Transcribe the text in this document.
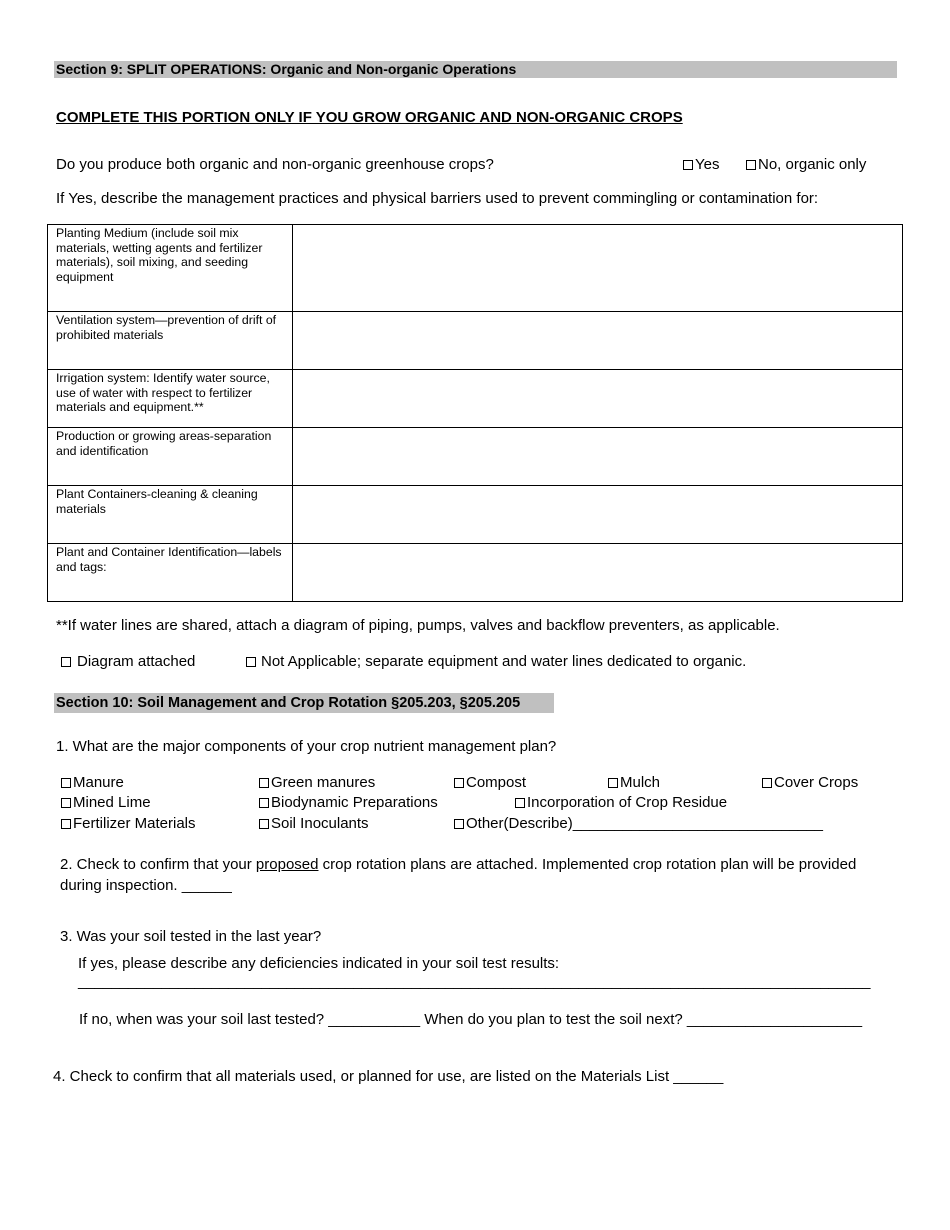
Section 9: SPLIT OPERATIONS: Organic and Non-organic Operations
COMPLETE THIS PORTION ONLY IF YOU GROW ORGANIC AND NON-ORGANIC CROPS
Do you produce both organic and non-organic greenhouse crops?	Yes	No, organic only
If Yes, describe the management practices and physical barriers used to prevent commingling or contamination for:
Planting Medium (include soil mix materials, wetting agents and fertilizer materials), soil mixing, and seeding equipment	
Ventilation system—prevention of drift of prohibited materials	
Irrigation system: Identify water source, use of water with respect to fertilizer materials and equipment.**	
Production or growing areas-separation and identification	
Plant Containers-cleaning & cleaning materials	
Plant and Container Identification—labels and tags:	
**If water lines are shared, attach a diagram of piping, pumps, valves and backflow preventers, as applicable.
Diagram attached	Not Applicable; separate equipment and water lines dedicated to organic.
Section 10: Soil Management and Crop Rotation §205.203, §205.205
1. What are the major components of your crop nutrient management plan?
Manure	Green manures	Compost	Mulch	Cover Crops
Mined Lime	Biodynamic Preparations	Incorporation of Crop Residue
Fertilizer Materials	Soil Inoculants	Other(Describe)______________________________
2. Check to confirm that your proposed crop rotation plans are attached. Implemented crop rotation plan will be provided
during inspection. ______
3. Was your soil tested in the last year?
If yes, please describe any deficiencies indicated in your soil test results:
_______________________________________________________________________________________________
If no, when was your soil last tested? ___________ When do you plan to test the soil next? _____________________
4. Check to confirm that all materials used, or planned for use, are listed on the Materials List ______
